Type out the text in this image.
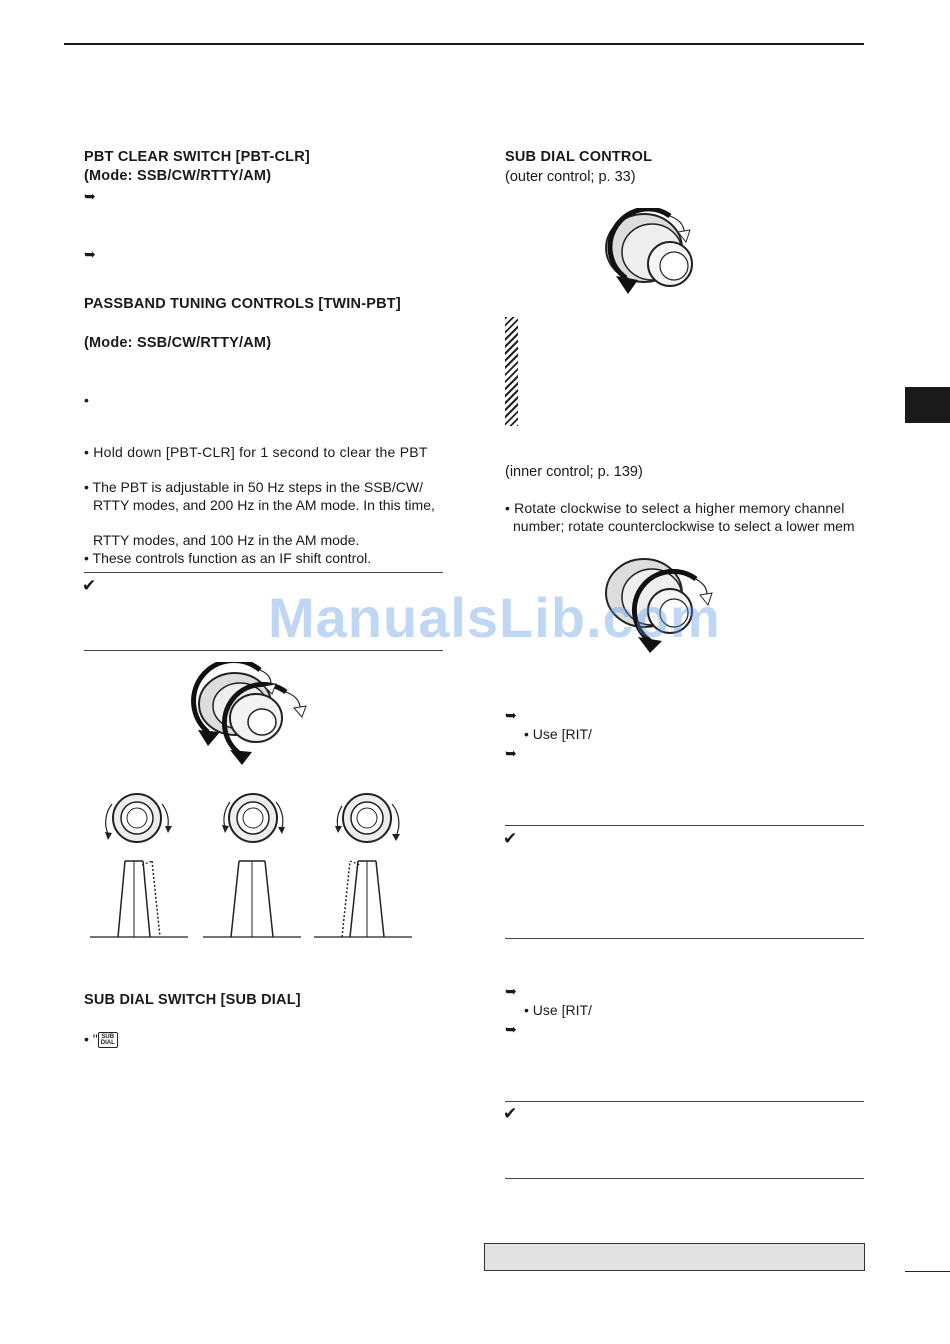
PBT CLEAR SWITCH [PBT-CLR]
(Mode: SSB/CW/RTTY/AM)
➥
➥
PASSBAND TUNING CONTROLS [TWIN-PBT]
(Mode: SSB/CW/RTTY/AM)
•
• Hold down [PBT-CLR] for 1 second to clear the PBT
• The PBT is adjustable in 50 Hz steps in the SSB/CW/
RTTY modes, and 200 Hz in the AM mode. In this time,
RTTY modes, and 100 Hz in the AM mode.
• These controls function as an IF shift control.
✔
SUB DIAL SWITCH [SUB DIAL]
• " SUB
DIAL
SUB DIAL CONTROL
(outer control; p. 33)
(inner control; p. 139)
• Rotate clockwise to select a higher memory channel
number; rotate counterclockwise to select a lower mem
➥
• Use [RIT/
➥
✔
➥
• Use [RIT/
➥
✔
ManualsLib.com
